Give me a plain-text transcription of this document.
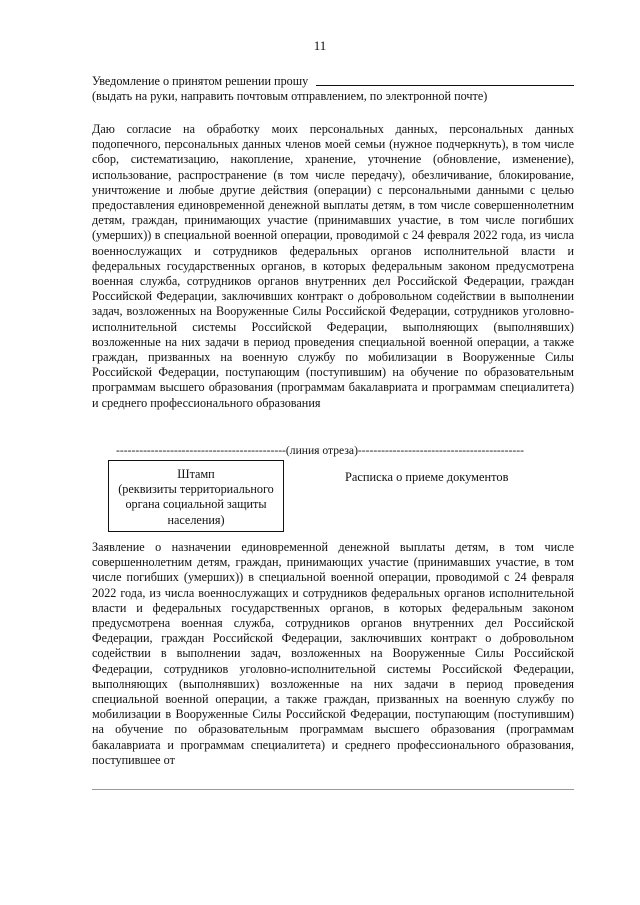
11
Уведомление о принятом решении прошу
(выдать на руки, направить почтовым отправлением, по электронной почте)

Даю согласие на обработку моих персональных данных, персональных данных подопечного, персональных данных членов моей семьи (нужное подчеркнуть), в том числе сбор, систематизацию, накопление, хранение, уточнение (обновление, изменение), использование, распространение (в том числе передачу), обезличивание, блокирование, уничтожение и любые другие действия (операции) с персональными данными с целью предоставления единовременной денежной выплаты детям, в том числе совершеннолетним детям, граждан, принимающих участие (принимавших участие, в том числе погибших (умерших)) в специальной военной операции, проводимой с 24 февраля 2022 года, из числа военнослужащих и сотрудников федеральных органов исполнительной власти и федеральных государственных органов, в которых федеральным законом предусмотрена военная служба, сотрудников органов внутренних дел Российской Федерации, граждан Российской Федерации, заключивших контракт о добровольном содействии в выполнении задач, возложенных на Вооруженные Силы Российской Федерации, сотрудников уголовно-исполнительной системы Российской Федерации, выполняющих (выполнявших) возложенные на них задачи в период проведения специальной военной операции, а также граждан, призванных на военную службу по мобилизации в Вооруженные Силы Российской Федерации, поступающим (поступившим) на обучение по образовательным программам высшего образования (программам бакалавриата и программам специалитета) и среднего профессионального образования

--------------------------------------------(линия отреза)-------------------------------------------
Штамп
(реквизиты территориального
органа социальной защиты
населения)
Расписка о приеме документов

Заявление о назначении единовременной денежной выплаты детям, в том числе совершеннолетним детям, граждан, принимающих участие (принимавших участие, в том числе погибших (умерших)) в специальной военной операции, проводимой с 24 февраля 2022 года, из числа военнослужащих и сотрудников федеральных органов исполнительной власти и федеральных государственных органов, в которых федеральным законом предусмотрена военная служба, сотрудников органов внутренних дел Российской Федерации, граждан Российской Федерации, заключивших контракт о добровольном содействии в выполнении задач, возложенных на Вооруженные Силы Российской Федерации, сотрудников уголовно-исполнительной системы Российской Федерации, выполняющих (выполнявших) возложенные на них задачи в период проведения специальной военной операции, а также граждан, призванных на военную службу по мобилизации в Вооруженные Силы Российской Федерации, поступающим (поступившим) на обучение по образовательным программам высшего образования (программам бакалавриата и программам специалитета) и среднего профессионального образования, поступившее от
